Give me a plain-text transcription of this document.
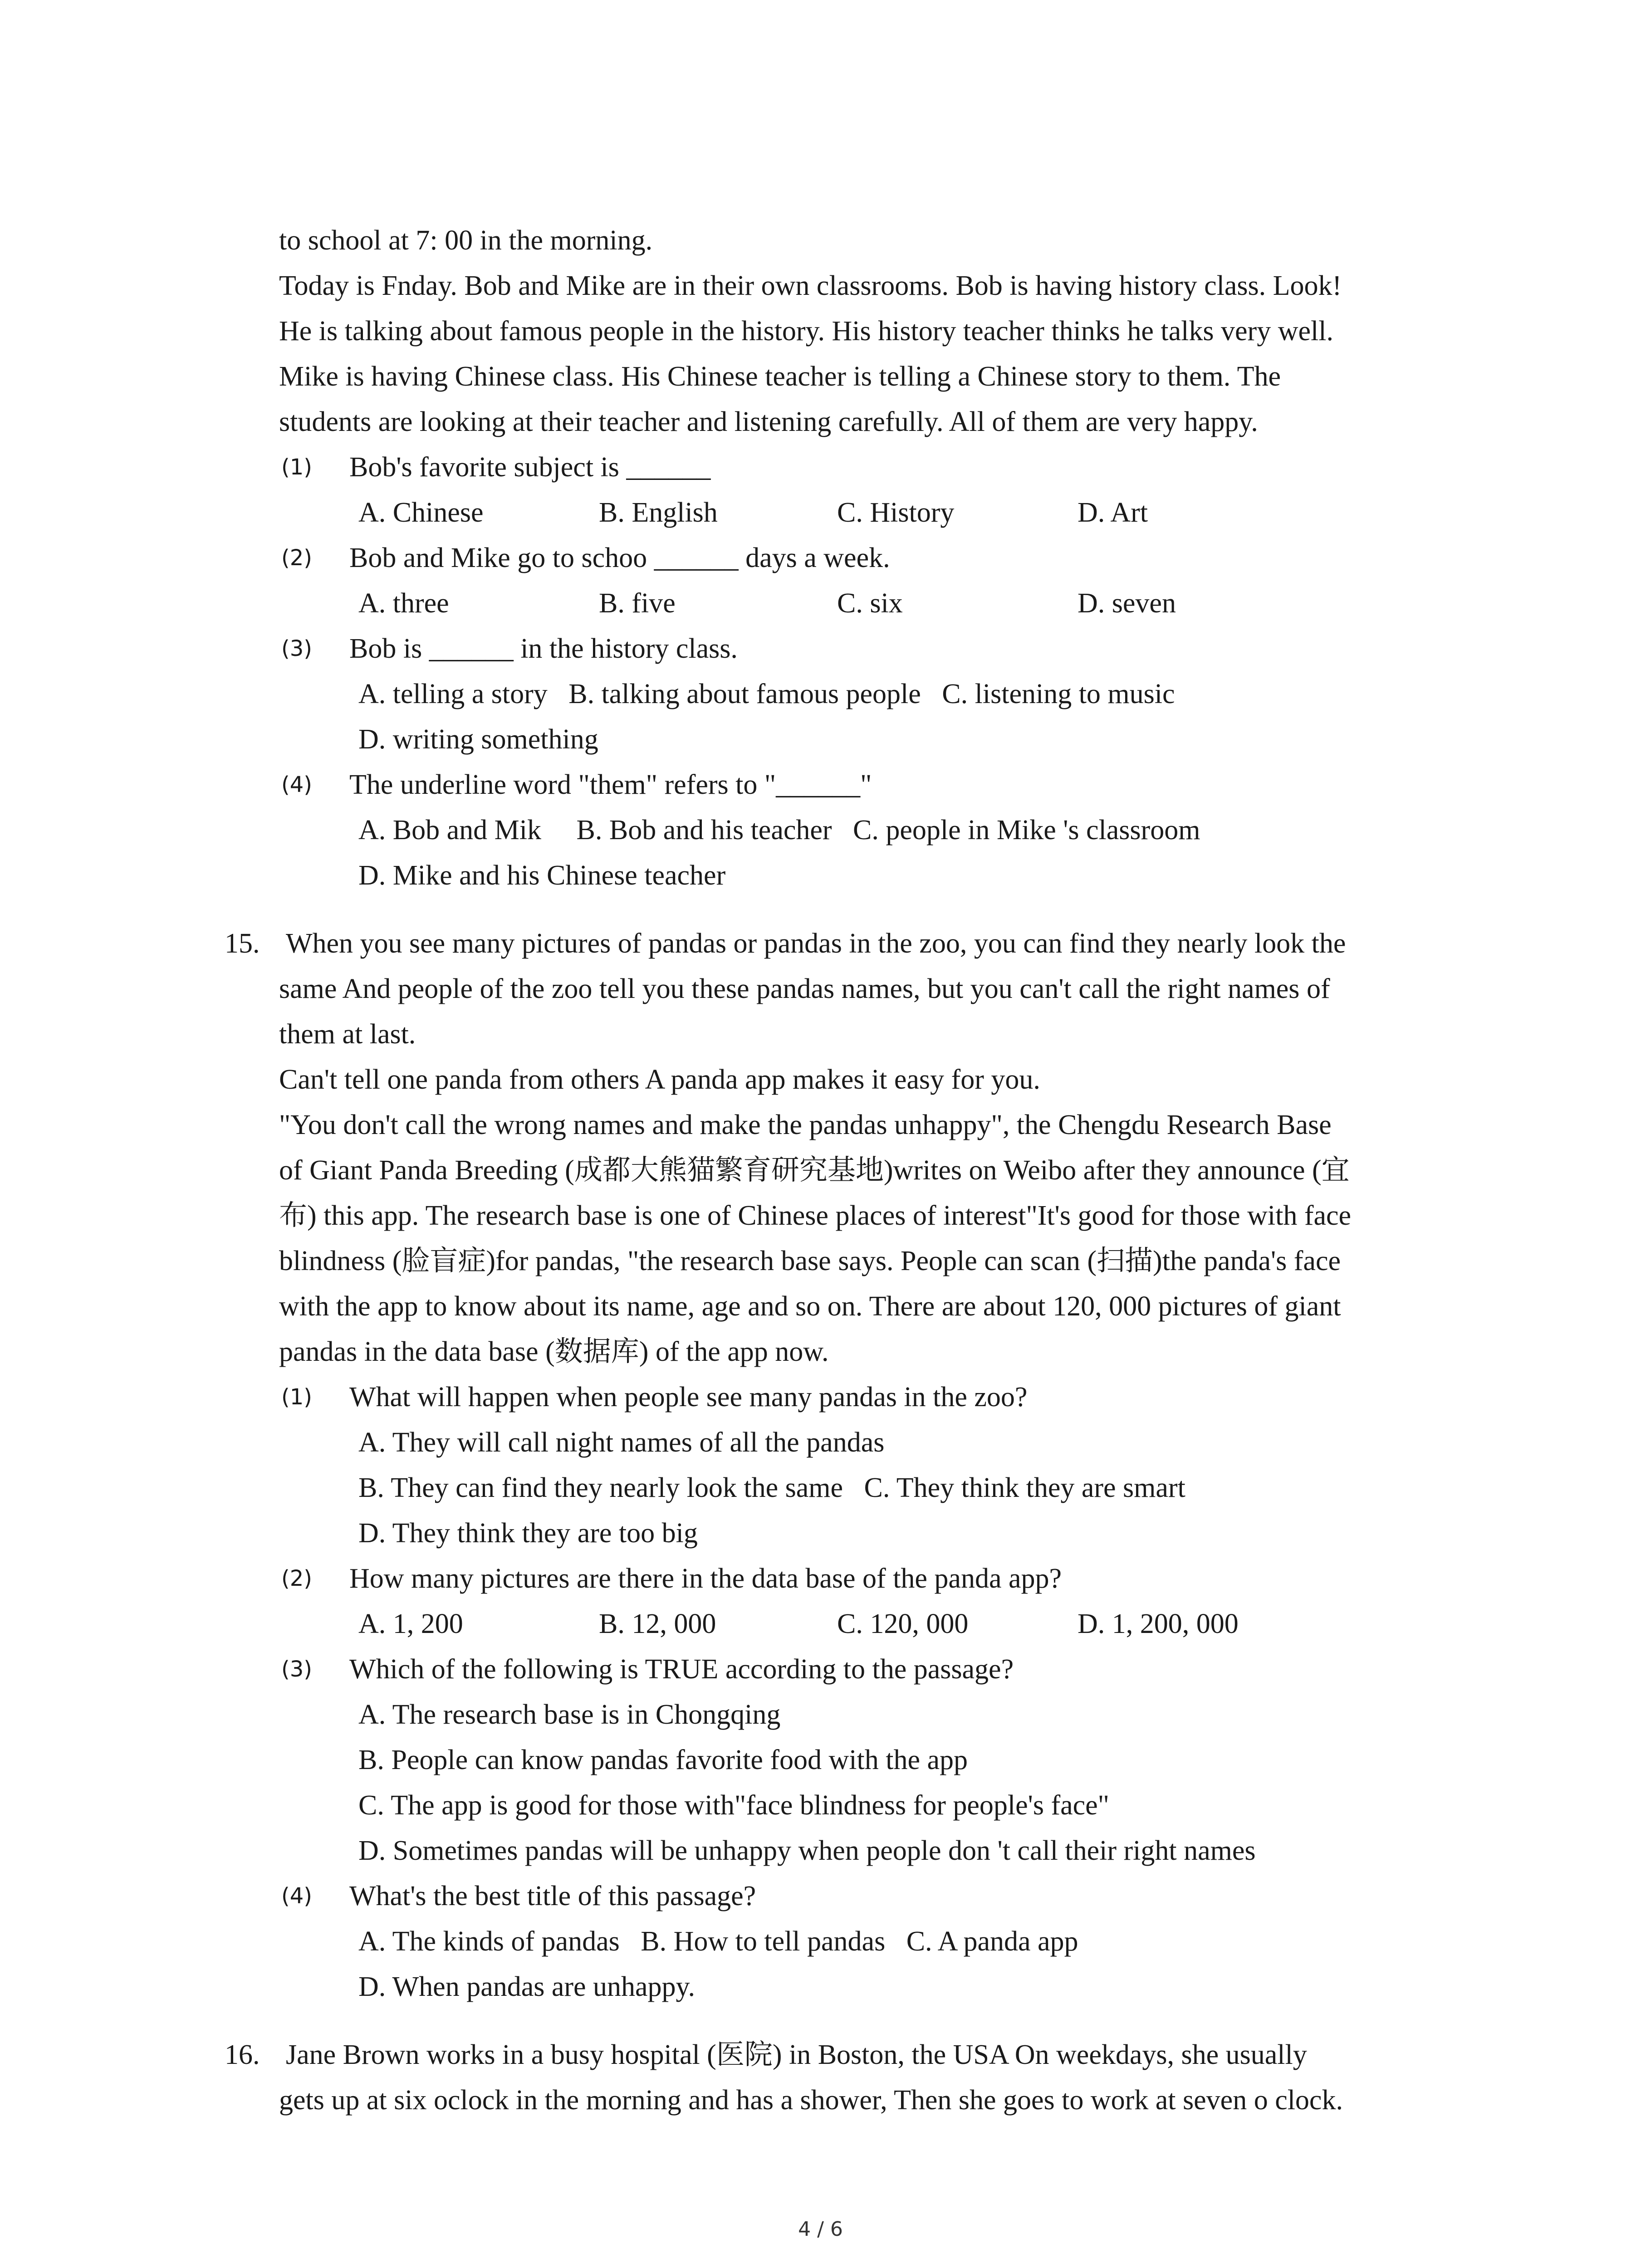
to school at 7: 00 in the morning.
Today is Fnday. Bob and Mike are in their own classrooms. Bob is having history class. Look!
He is talking about famous people in the history. His history teacher thinks he talks very well.
Mike is having Chinese class. His Chinese teacher is telling a Chinese story to them. The
students are looking at their teacher and listening carefully. All of them are very happy.
(1) Bob's favorite subject is ______
A. Chinese	B. English	C. History	D. Art
(2) Bob and Mike go to schoo ______ days a week.
A. three	B. five	C. six	D. seven
(3) Bob is ______ in the history class.
A. telling a story   B. talking about famous people   C. listening to music
D. writing something
(4) The underline word "them" refers to "______"
A. Bob and Mik     B. Bob and his teacher   C. people in Mike 's classroom
D. Mike and his Chinese teacher
15. When you see many pictures of pandas or pandas in the zoo, you can find they nearly look the
same And people of the zoo tell you these pandas names, but you can't call the right names of
them at last.
Can't tell one panda from others A panda app makes it easy for you.
"You don't call the wrong names and make the pandas unhappy", the Chengdu Research Base
of Giant Panda Breeding (成都大熊猫繁育研究基地)writes on Weibo after they announce (宜
布) this app. The research base is one of Chinese places of interest"It's good for those with face
blindness (脸盲症)for pandas, "the research base says. People can scan (扫描)the panda's face
with the app to know about its name, age and so on. There are about 120, 000 pictures of giant
pandas in the data base (数据库) of the app now.
(1) What will happen when people see many pandas in the zoo?
A. They will call night names of all the pandas
B. They can find they nearly look the same   C. They think they are smart
D. They think they are too big
(2) How many pictures are there in the data base of the panda app?
A. 1, 200	B. 12, 000	C. 120, 000	D. 1, 200, 000
(3) Which of the following is TRUE according to the passage?
A. The research base is in Chongqing
B. People can know pandas favorite food with the app
C. The app is good for those with"face blindness for people's face"
D. Sometimes pandas will be unhappy when people don 't call their right names
(4) What's the best title of this passage?
A. The kinds of pandas   B. How to tell pandas   C. A panda app
D. When pandas are unhappy.
16. Jane Brown works in a busy hospital (医院) in Boston, the USA On weekdays, she usually
gets up at six oclock in the morning and has a shower, Then she goes to work at seven o clock.
4 / 6
